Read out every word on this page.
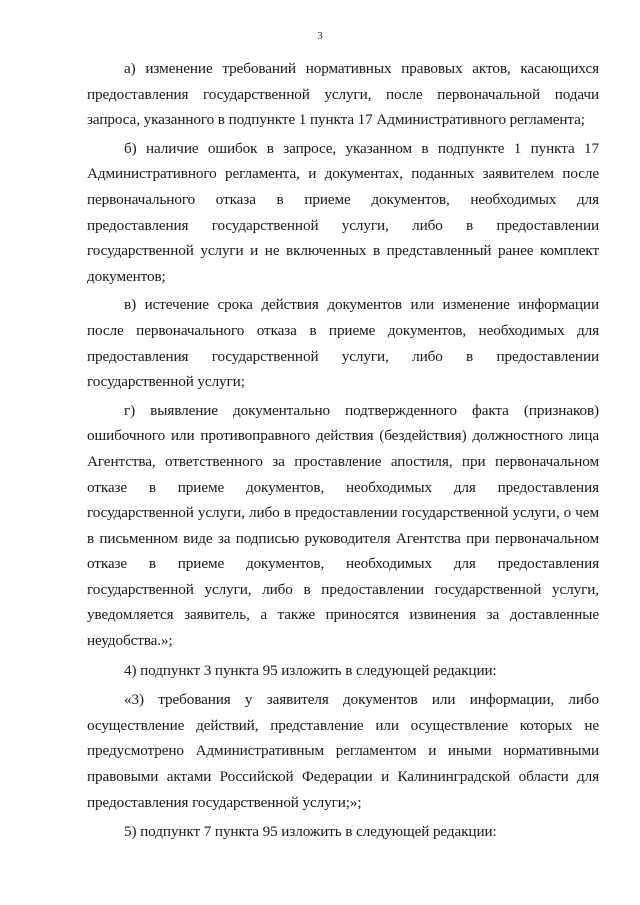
3

а) изменение требований нормативных правовых актов, касающихся предоставления государственной услуги, после первоначальной подачи запроса, указанного в подпункте 1 пункта 17 Административного регламента;

б) наличие ошибок в запросе, указанном в подпункте 1 пункта 17 Административного регламента, и документах, поданных заявителем после первоначального отказа в приеме документов, необходимых для предоставления государственной услуги, либо в предоставлении государственной услуги и не включенных в представленный ранее комплект документов;

в) истечение срока действия документов или изменение информации после первоначального отказа в приеме документов, необходимых для предоставления государственной услуги, либо в предоставлении государственной услуги;

г) выявление документально подтвержденного факта (признаков) ошибочного или противоправного действия (бездействия) должностного лица Агентства, ответственного за проставление апостиля, при первоначальном отказе в приеме документов, необходимых для предоставления государственной услуги, либо в предоставлении государственной услуги, о чем в письменном виде за подписью руководителя Агентства при первоначальном отказе в приеме документов, необходимых для предоставления государственной услуги, либо в предоставлении государственной услуги, уведомляется заявитель, а также приносятся извинения за доставленные неудобства.»;

4) подпункт 3 пункта 95 изложить в следующей редакции:

«3) требования у заявителя документов или информации, либо осуществление действий, представление или осуществление которых не предусмотрено Административным регламентом и иными нормативными правовыми актами Российской Федерации и Калининградской области для предоставления государственной услуги;»;

5) подпункт 7 пункта 95 изложить в следующей редакции:
